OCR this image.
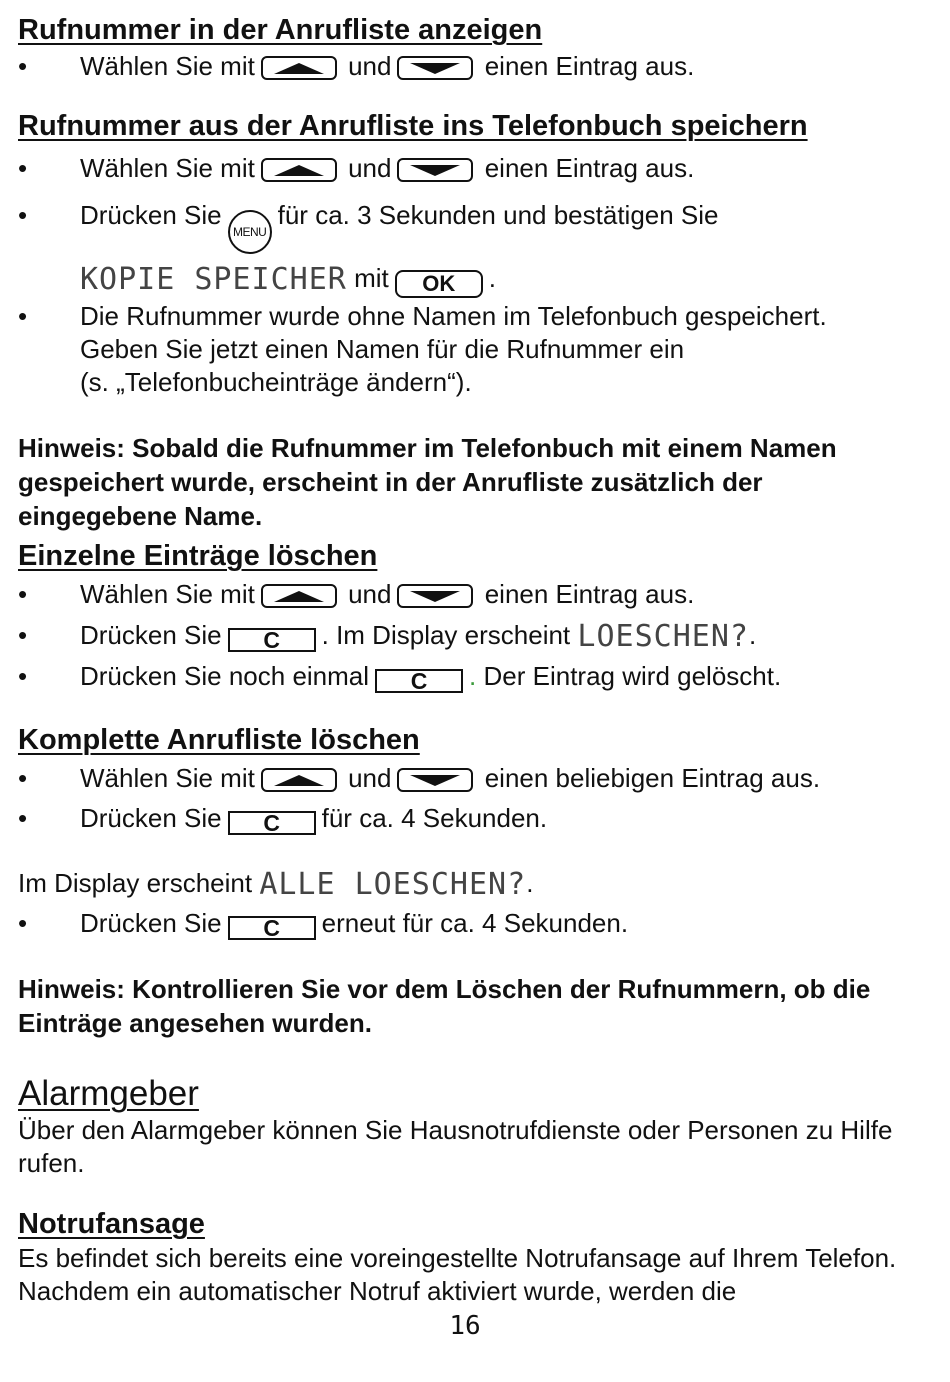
Rufnummer in der Anrufliste anzeigen

• Wählen Sie mit	und	einen Eintrag aus.

Rufnummer aus der Anrufliste ins Telefonbuch speichern

• Wählen Sie mit	und	einen Eintrag aus.

• Drücken SieMENUfür ca. 3 Sekunden und bestätigen Sie

KOPIE SPEICHER mit OK .

• Die Rufnummer wurde ohne Namen im Telefonbuch gespeichert.
Geben Sie jetzt einen Namen für die Rufnummer ein
(s. „Telefonbucheinträge ändern“).

Hinweis: Sobald die Rufnummer im Telefonbuch mit einem Namen gespeichert wurde, erscheint in der Anrufliste zusätzlich der eingegebene Name.

Einzelne Einträge löschen

• Wählen Sie mit	und	einen Eintrag aus.

• Drücken Sie C . Im Display erscheint LOESCHEN?.

• Drücken Sie noch einmal C . Der Eintrag wird gelöscht.

Komplette Anrufliste löschen

• Wählen Sie mit	und	einen beliebigen Eintrag aus.

• Drücken Sie C für ca. 4 Sekunden.

Im Display erscheint ALLE LOESCHEN?.

• Drücken Sie C erneut für ca. 4 Sekunden.

Hinweis: Kontrollieren Sie vor dem Löschen der Rufnummern, ob die Einträge angesehen wurden.

Alarmgeber

Über den Alarmgeber können Sie Hausnotrufdienste oder Personen zu Hilfe rufen.

Notrufansage

Es befindet sich bereits eine voreingestellte Notrufansage auf Ihrem Telefon. Nachdem ein automatischer Notruf aktiviert wurde, werden die

16
